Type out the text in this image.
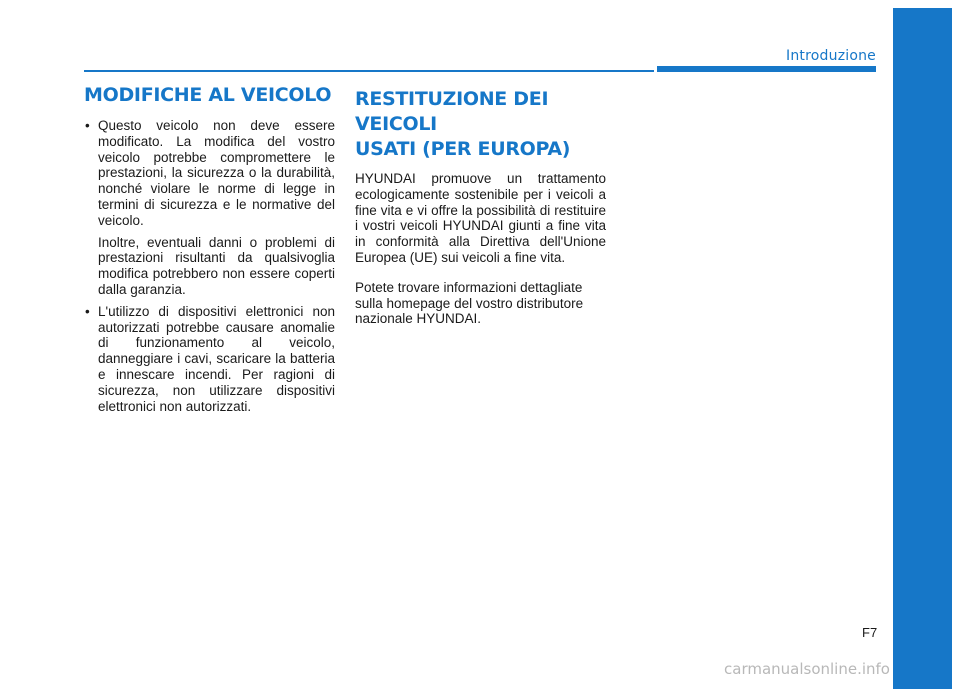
Introduzione
MODIFICHE AL VEICOLO
• Questo veicolo non deve essere modificato. La modifica del vostro veicolo potrebbe compromettere le prestazioni, la sicurezza o la durabilità, nonché violare le norme di legge in termini di sicurezza e le normative del veicolo.

Inoltre, eventuali danni o problemi di prestazioni risultanti da qualsivoglia modifica potrebbero non essere coperti dalla garanzia.

• L'utilizzo di dispositivi elettronici non autorizzati potrebbe causare anomalie di funzionamento al veicolo, danneggiare i cavi, scaricare la batteria e innescare incendi. Per ragioni di sicurezza, non utilizzare dispositivi elettronici non autorizzati.

RESTITUZIONE DEI VEICOLI
USATI (PER EUROPA)

HYUNDAI promuove un trattamento ecologicamente sostenibile per i veicoli a fine vita e vi offre la possibilità di restituire i vostri veicoli HYUNDAI giunti a fine vita in conformità alla Direttiva dell'Unione Europea (UE) sui veicoli a fine vita.

Potete trovare informazioni dettagliate sulla homepage del vostro distributore nazionale HYUNDAI.

F7
carmanualsonline.info
